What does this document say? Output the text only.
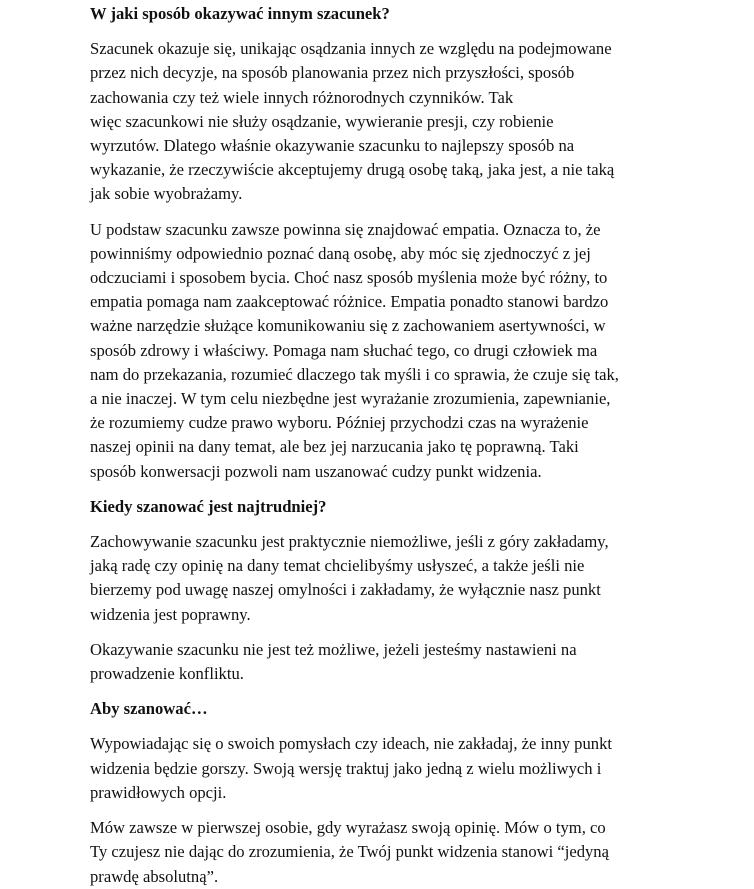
W jaki sposób okazywać innym szacunek?
Szacunek okazuje się, unikając osądzania innych ze względu na podejmowane
przez nich decyzje, na sposób planowania przez nich przyszłości, sposób
zachowania czy też wiele innych różnorodnych czynników. Tak
więc szacunkowi nie służy osądzanie, wywieranie presji, czy robienie
wyrzutów. Dlatego właśnie okazywanie szacunku to najlepszy sposób na
wykazanie, że rzeczywiście akceptujemy drugą osobę taką, jaka jest, a nie taką
jak sobie wyobrażamy.
U podstaw szacunku zawsze powinna się znajdować empatia. Oznacza to, że
powinniśmy odpowiednio poznać daną osobę, aby móc się zjednoczyć z jej
odczuciami i sposobem bycia. Choć nasz sposób myślenia może być różny, to
empatia pomaga nam zaakceptować różnice. Empatia ponadto stanowi bardzo
ważne narzędzie służące komunikowaniu się z zachowaniem asertywności, w
sposób zdrowy i właściwy. Pomaga nam słuchać tego, co drugi człowiek ma
nam do przekazania, rozumieć dlaczego tak myśli i co sprawia, że czuje się tak,
a nie inaczej. W tym celu niezbędne jest wyrażanie zrozumienia, zapewnianie,
że rozumiemy cudze prawo wyboru. Później przychodzi czas na wyrażenie
naszej opinii na dany temat, ale bez jej narzucania jako tę poprawną. Taki
sposób konwersacji pozwoli nam uszanować cudzy punkt widzenia.
Kiedy szanować jest najtrudniej?
Zachowywanie szacunku jest praktycznie niemożliwe, jeśli z góry zakładamy,
jaką radę czy opinię na dany temat chcielibyśmy usłyszeć, a także jeśli nie
bierzemy pod uwagę naszej omylności i zakładamy, że wyłącznie nasz punkt
widzenia jest poprawny.
Okazywanie szacunku nie jest też możliwe, jeżeli jesteśmy nastawieni na
prowadzenie konfliktu.
Aby szanować…
Wypowiadając się o swoich pomysłach czy ideach, nie zakładaj, że inny punkt
widzenia będzie gorszy. Swoją wersję traktuj jako jedną z wielu możliwych i
prawidłowych opcji.
Mów zawsze w pierwszej osobie, gdy wyrażasz swoją opinię. Mów o tym, co
Ty czujesz nie dając do zrozumienia, że Twój punkt widzenia stanowi “jedyną
prawdę absolutną”.
